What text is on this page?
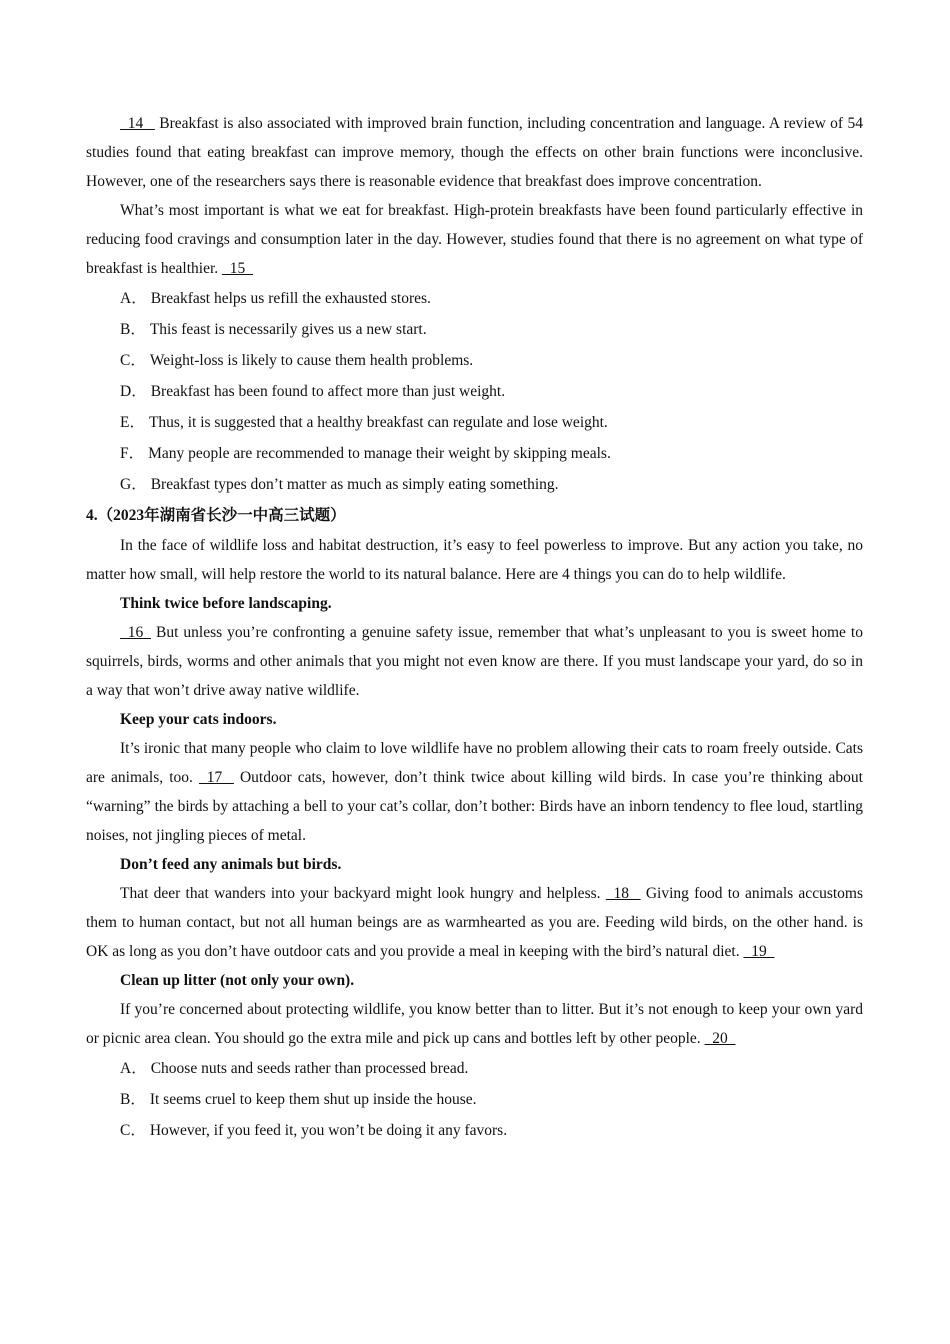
14    Breakfast is also associated with improved brain function, including concentration and language. A review of 54 studies found that eating breakfast can improve memory, though the effects on other brain functions were inconclusive. However, one of the researchers says there is reasonable evidence that breakfast does improve concentration.

What’s most important is what we eat for breakfast. High-protein breakfasts have been found particularly effective in reducing food cravings and consumption later in the day. However, studies found that there is no agreement on what type of breakfast is healthier.   15

A． Breakfast helps us refill the exhausted stores.

B． This feast is necessarily gives us a new start.

C． Weight-loss is likely to cause them health problems.

D． Breakfast has been found to affect more than just weight.

E． Thus, it is suggested that a healthy breakfast can regulate and lose weight.

F． Many people are recommended to manage their weight by skipping meals.

G． Breakfast types don’t matter as much as simply eating something.

4.（2023年湖南省长沙一中高三试题）

In the face of wildlife loss and habitat destruction, it’s easy to feel powerless to improve. But any action you take, no matter how small, will help restore the world to its natural balance. Here are 4 things you can do to help wildlife.

Think twice before landscaping.

16   But unless you’re confronting a genuine safety issue, remember that what’s unpleasant to you is sweet home to squirrels, birds, worms and other animals that you might not even know are there. If you must landscape your yard, do so in a way that won’t drive away native wildlife.

Keep your cats indoors.

It’s ironic that many people who claim to love wildlife have no problem allowing their cats to roam freely outside. Cats are animals, too.   17    Outdoor cats, however, don’t think twice about killing wild birds. In case you’re thinking about “warning” the birds by attaching a bell to your cat’s collar, don’t bother: Birds have an inborn tendency to flee loud, startling noises, not jingling pieces of metal.

Don’t feed any animals but birds.

That deer that wanders into your backyard might look hungry and helpless.   18    Giving food to animals accustoms them to human contact, but not all human beings are as warmhearted as you are. Feeding wild birds, on the other hand. is OK as long as you don’t have outdoor cats and you provide a meal in keeping with the bird’s natural diet.   19

Clean up litter (not only your own).

If you’re concerned about protecting wildlife, you know better than to litter. But it’s not enough to keep your own yard or picnic area clean. You should go the extra mile and pick up cans and bottles left by other people.   20

A． Choose nuts and seeds rather than processed bread.

B． It seems cruel to keep them shut up inside the house.

C． However, if you feed it, you won’t be doing it any favors.
